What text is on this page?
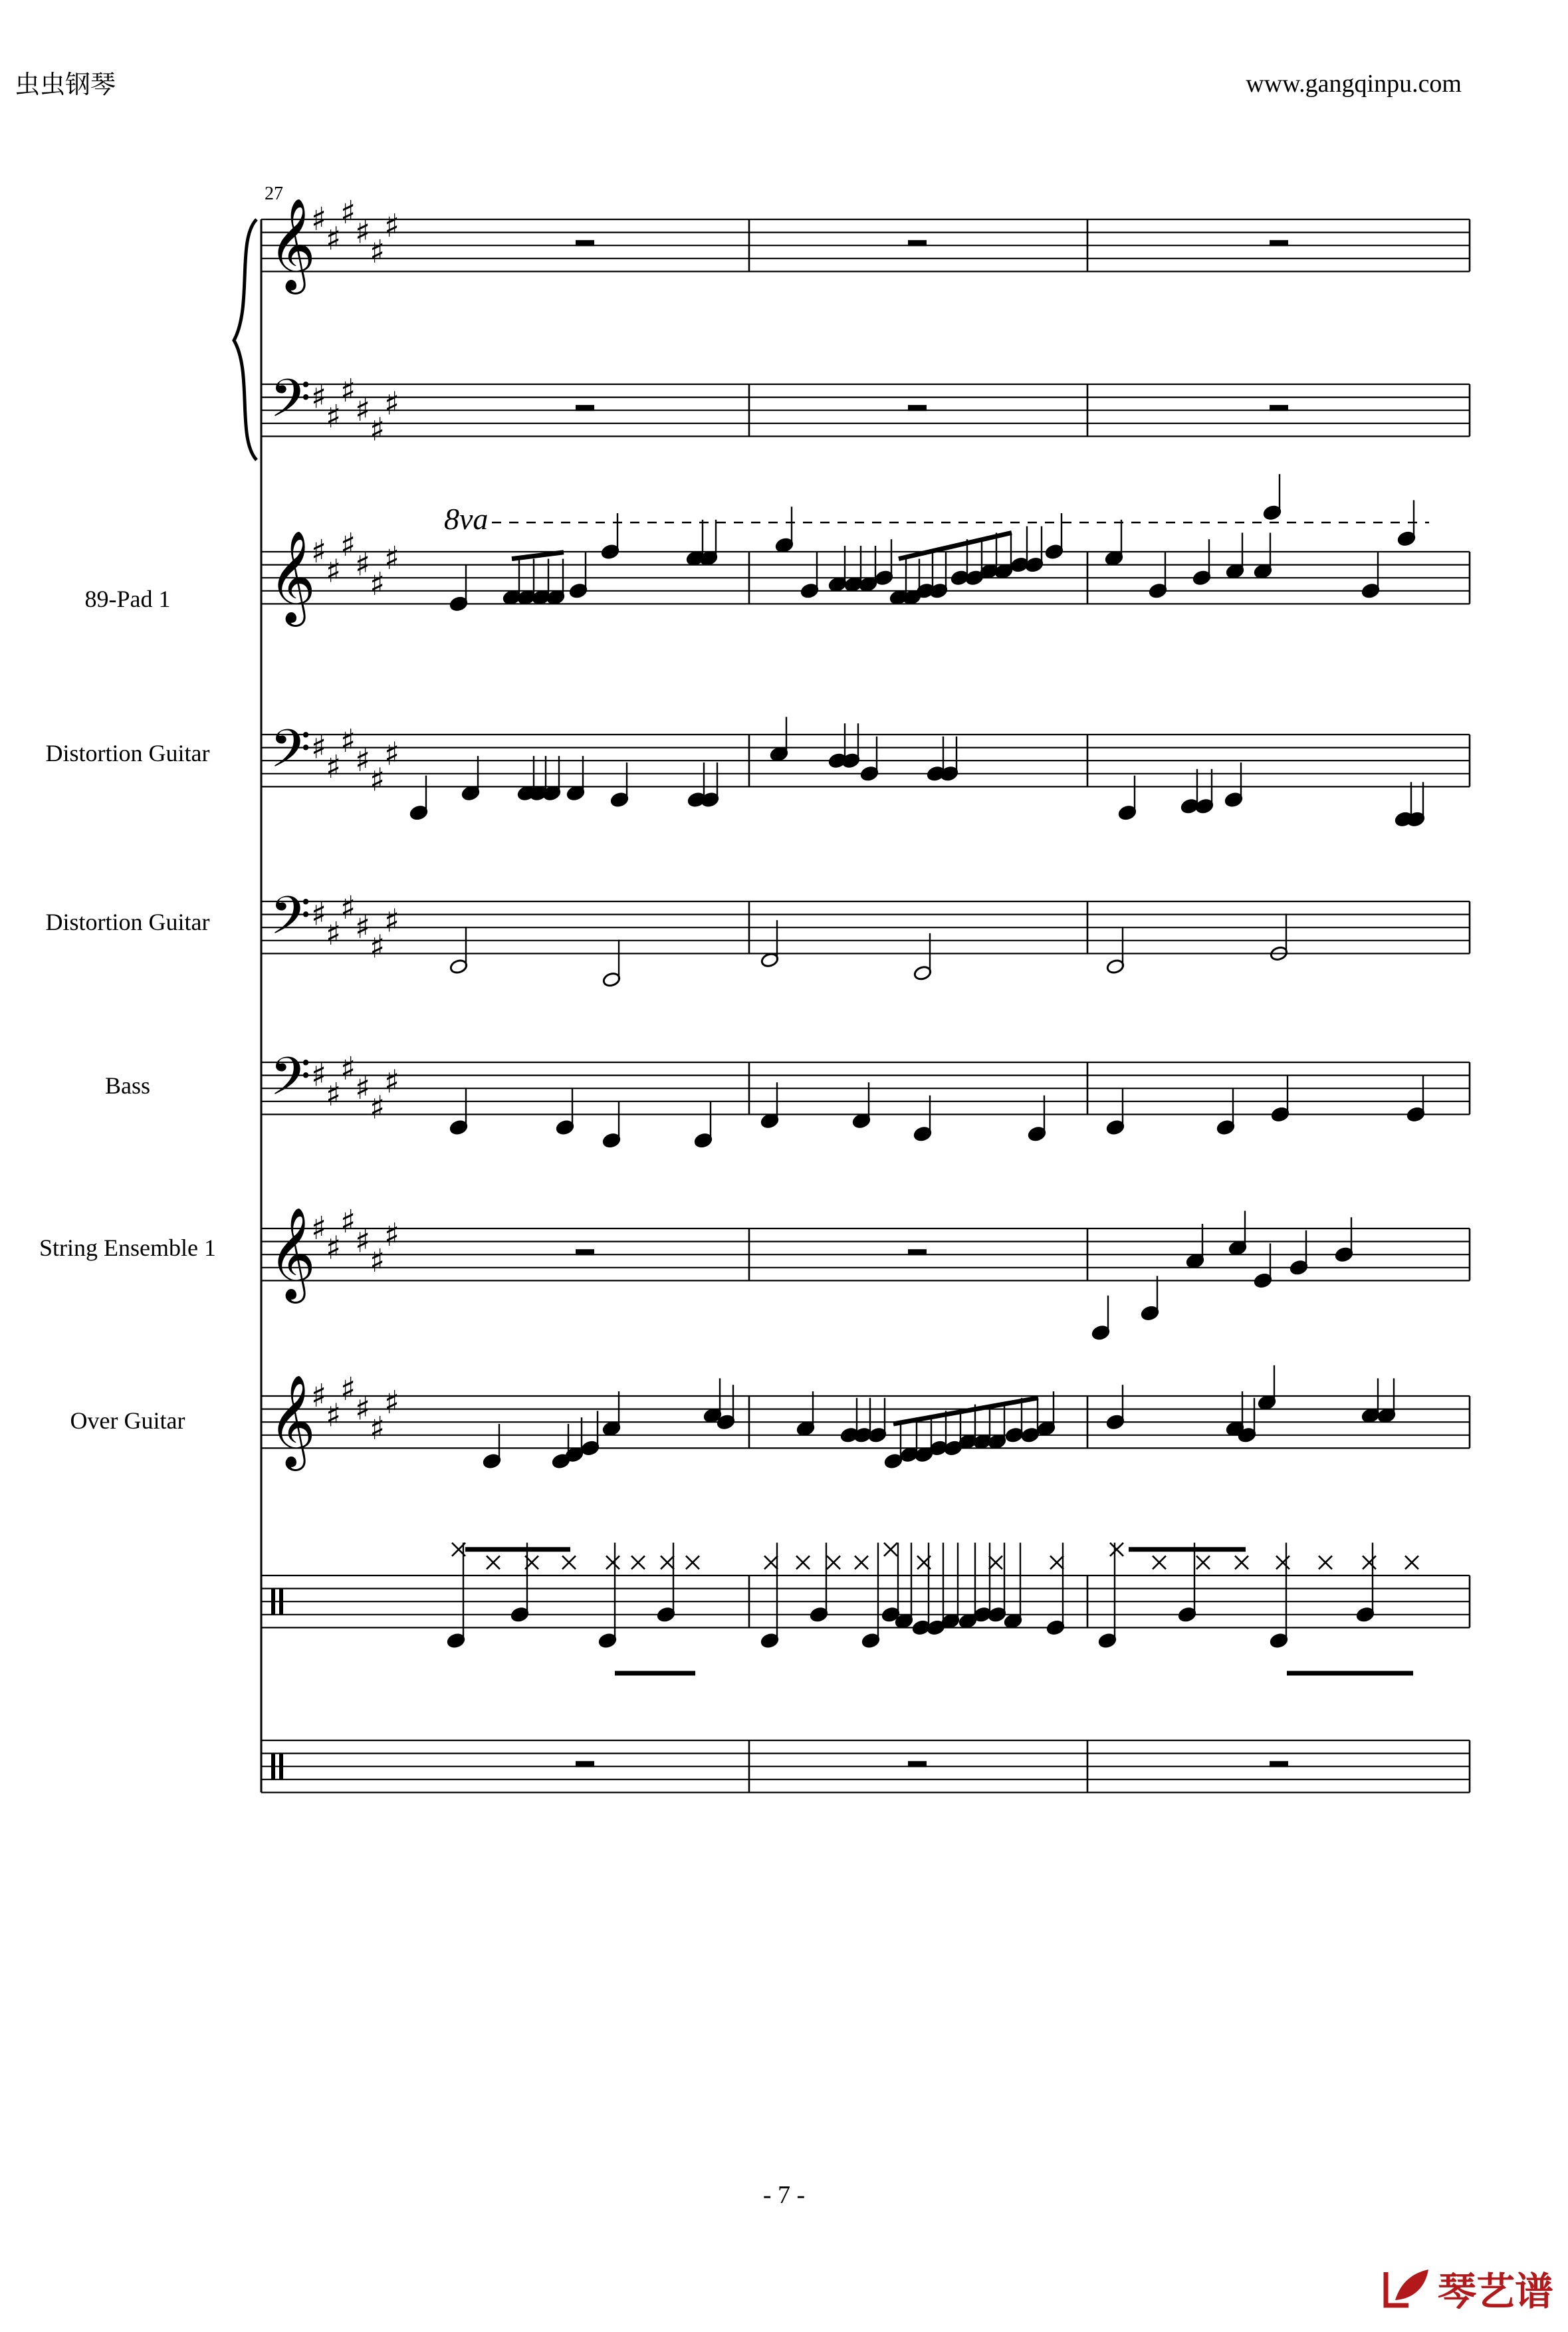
虫虫钢琴	www.gangqinpu.com
27
89-Pad 1
Distortion Guitar
Distortion Guitar
Bass
String Ensemble 1
Over Guitar
8va
𝄞
♯
♯
♯
♯
♯
♯
𝄢 ♯
♯
♯
♯
♯
♯
𝄞
♯
♯
♯
♯
♯
♯
𝄢 ♯
♯
♯
♯
♯
♯
𝄢 ♯
♯
♯
♯
♯
♯
𝄢 ♯
♯
♯
♯
♯
♯
𝄞
♯
♯
♯
♯
♯
♯
𝄞
♯
♯
♯
♯
♯
♯
- 7 -
琴艺谱
